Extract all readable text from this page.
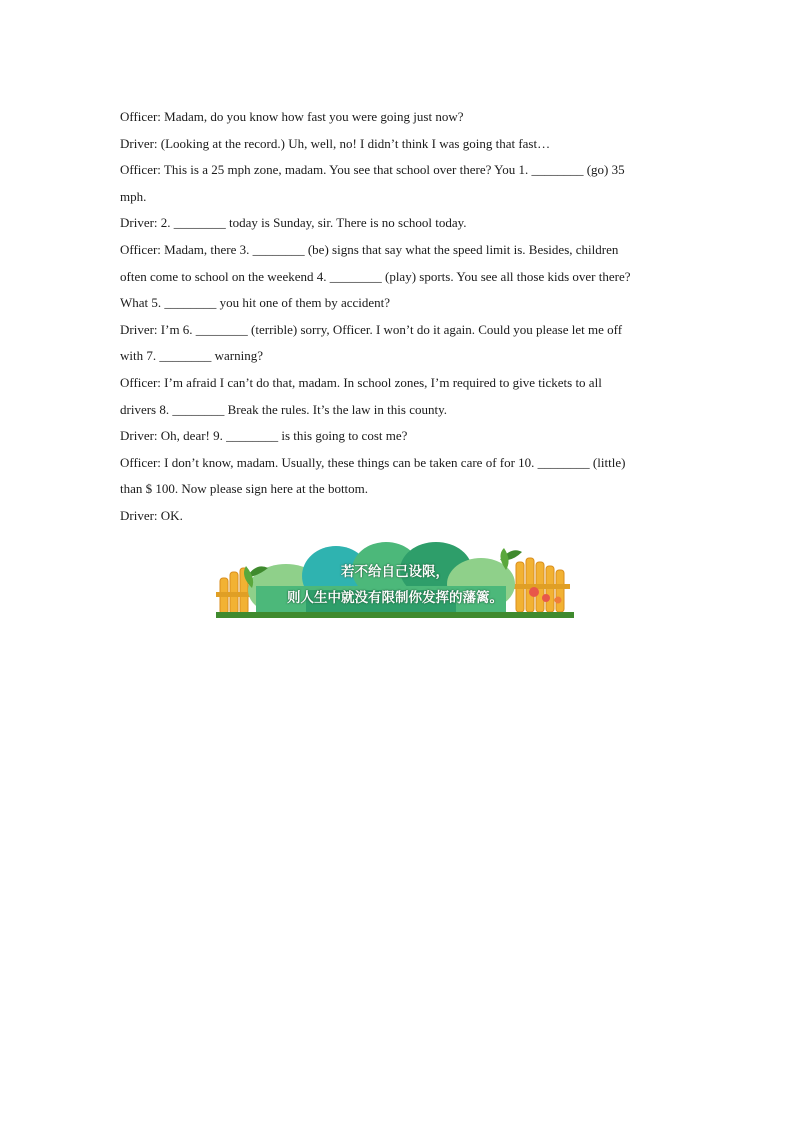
Officer: Madam, do you know how fast you were going just now?
Driver: (Looking at the record.) Uh, well, no! I didn’t think I was going that fast…
Officer: This is a 25 mph zone, madam. You see that school over there? You 1. ________ (go) 35
mph.
Driver: 2. ________ today is Sunday, sir. There is no school today.
Officer: Madam, there 3. ________ (be) signs that say what the speed limit is. Besides, children
often come to school on the weekend 4. ________ (play) sports. You see all those kids over there?
What 5. ________ you hit one of them by accident?
Driver: I’m 6. ________ (terrible) sorry, Officer. I won’t do it again. Could you please let me off
with 7. ________ warning?
Officer: I’m afraid I can’t do that, madam. In school zones, I’m required to give tickets to all
drivers 8. ________ Break the rules. It’s the law in this county.
Driver: Oh, dear! 9. ________ is this going to cost me?
Officer: I don’t know, madam. Usually, these things can be taken care of for 10. ________ (little)
than $ 100. Now please sign here at the bottom.
Driver: OK.
若不给自己设限，
则人生中就没有限制你发挥的藩篱。
